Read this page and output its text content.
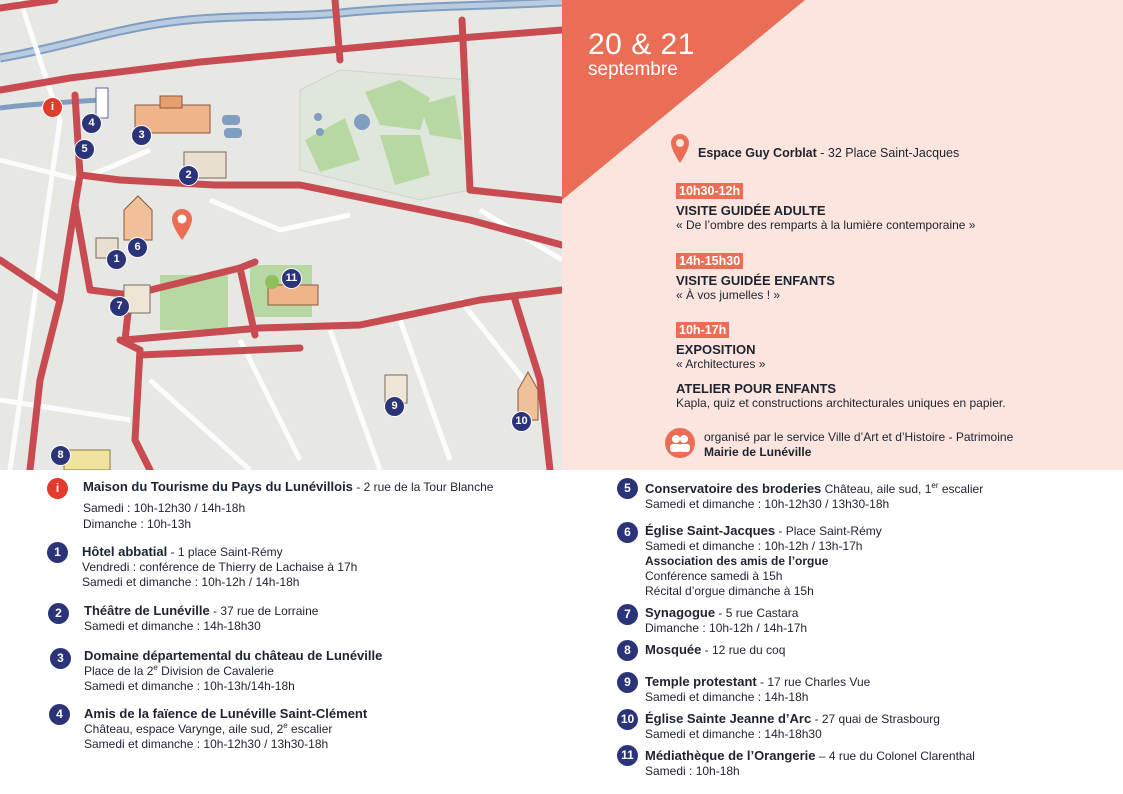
i
1
2
3
4
5
6
7
8
9
10
11
20 & 21
septembre
Espace Guy Corblat - 32 Place Saint-Jacques
10h30-12h
VISITE GUIDÉE ADULTE
« De l’ombre des remparts à la lumière contemporaine »
14h-15h30
VISITE GUIDÉE ENFANTS
« À vos jumelles ! »
10h-17h
EXPOSITION
« Architectures »
ATELIER POUR ENFANTS
Kapla, quiz et constructions architecturales uniques en papier.
organisé par le service Ville d’Art et d’Histoire - Patrimoine
Mairie de Lunéville
i	Maison du Tourisme du Pays du Lunévillois - 2 rue de la Tour Blanche

Samedi : 10h-12h30 / 14h-18h
Dimanche : 10h-13h
1	Hôtel abbatial - 1 place Saint-Rémy
Vendredi : conférence de Thierry de Lachaise à 17h
Samedi et dimanche : 10h-12h / 14h-18h
2	Théâtre de Lunéville - 37 rue de Lorraine
Samedi et dimanche : 14h-18h30
3	Domaine départemental du château de Lunéville
Place de la 2e Division de Cavalerie
Samedi et dimanche : 10h-13h/14h-18h
4	Amis de la faïence de Lunéville Saint-Clément
Château, espace Varynge, aile sud, 2e escalier
Samedi et dimanche : 10h-12h30 / 13h30-18h
5	Conservatoire des broderies Château, aile sud, 1er escalier
Samedi et dimanche : 10h-12h30 / 13h30-18h
6	Église Saint-Jacques - Place Saint-Rémy
Samedi et dimanche : 10h-12h / 13h-17h
Association des amis de l’orgue
Conférence samedi à 15h
Récital d’orgue dimanche à 15h
7	Synagogue - 5 rue Castara
Dimanche : 10h-12h / 14h-17h
8	Mosquée - 12 rue du coq
9	Temple protestant - 17 rue Charles Vue
Samedi et dimanche : 14h-18h
10 Église Sainte Jeanne d’Arc - 27 quai de Strasbourg
Samedi et dimanche : 14h-18h30
11 Médiathèque de l’Orangerie – 4 rue du Colonel Clarenthal
Samedi : 10h-18h
